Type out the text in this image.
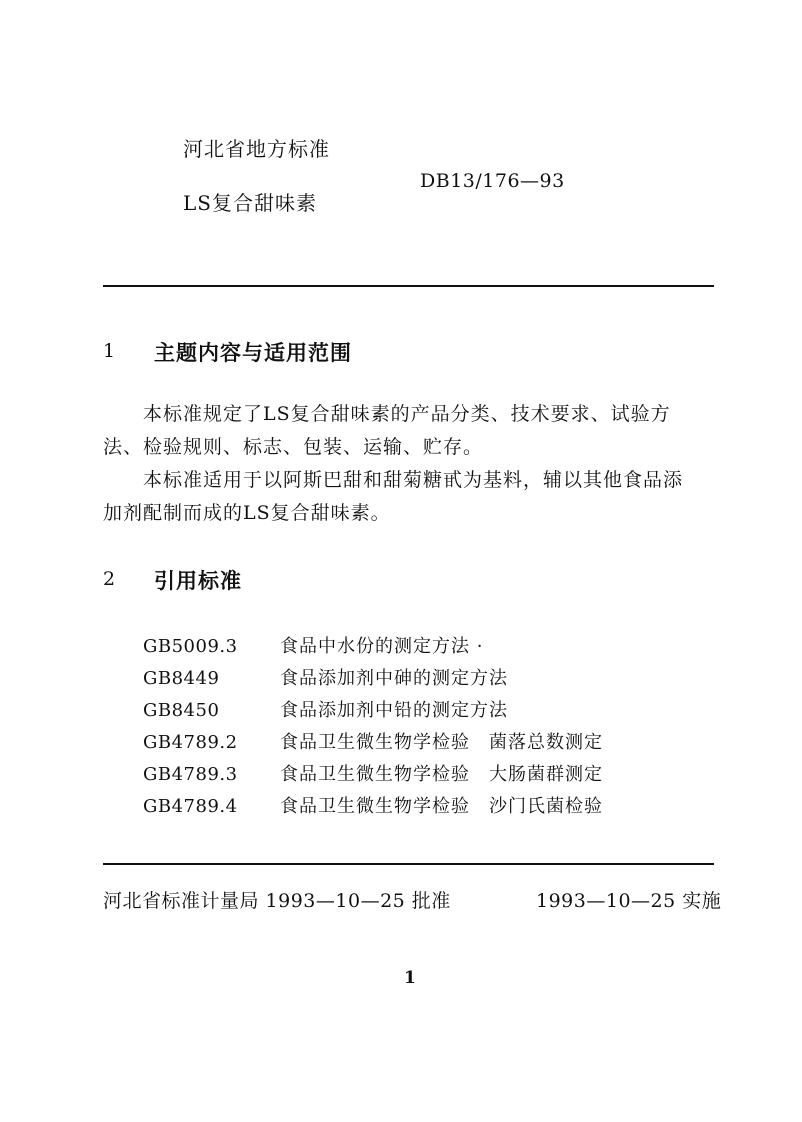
河北省地方标准
LS复合甜味素
DB13/176—93
1 主题内容与适用范围
本标准规定了LS复合甜味素的产品分类、技术要求、试验方
法、检验规则、标志、包装、运输、贮存。
本标准适用于以阿斯巴甜和甜菊糖甙为基料，辅以其他食品添
加剂配制而成的LS复合甜味素。
2 引用标准
GB5009.3 食品中水份的测定方法 ·
GB8449	食品添加剂中砷的测定方法
GB8450	食品添加剂中铅的测定方法
GB4789.2 食品卫生微生物学检验　菌落总数测定
GB4789.3 食品卫生微生物学检验　大肠菌群测定
GB4789.4 食品卫生微生物学检验　沙门氏菌检验
河北省标准计量局 1993—10—25 批准	1993—10—25 实施
1
